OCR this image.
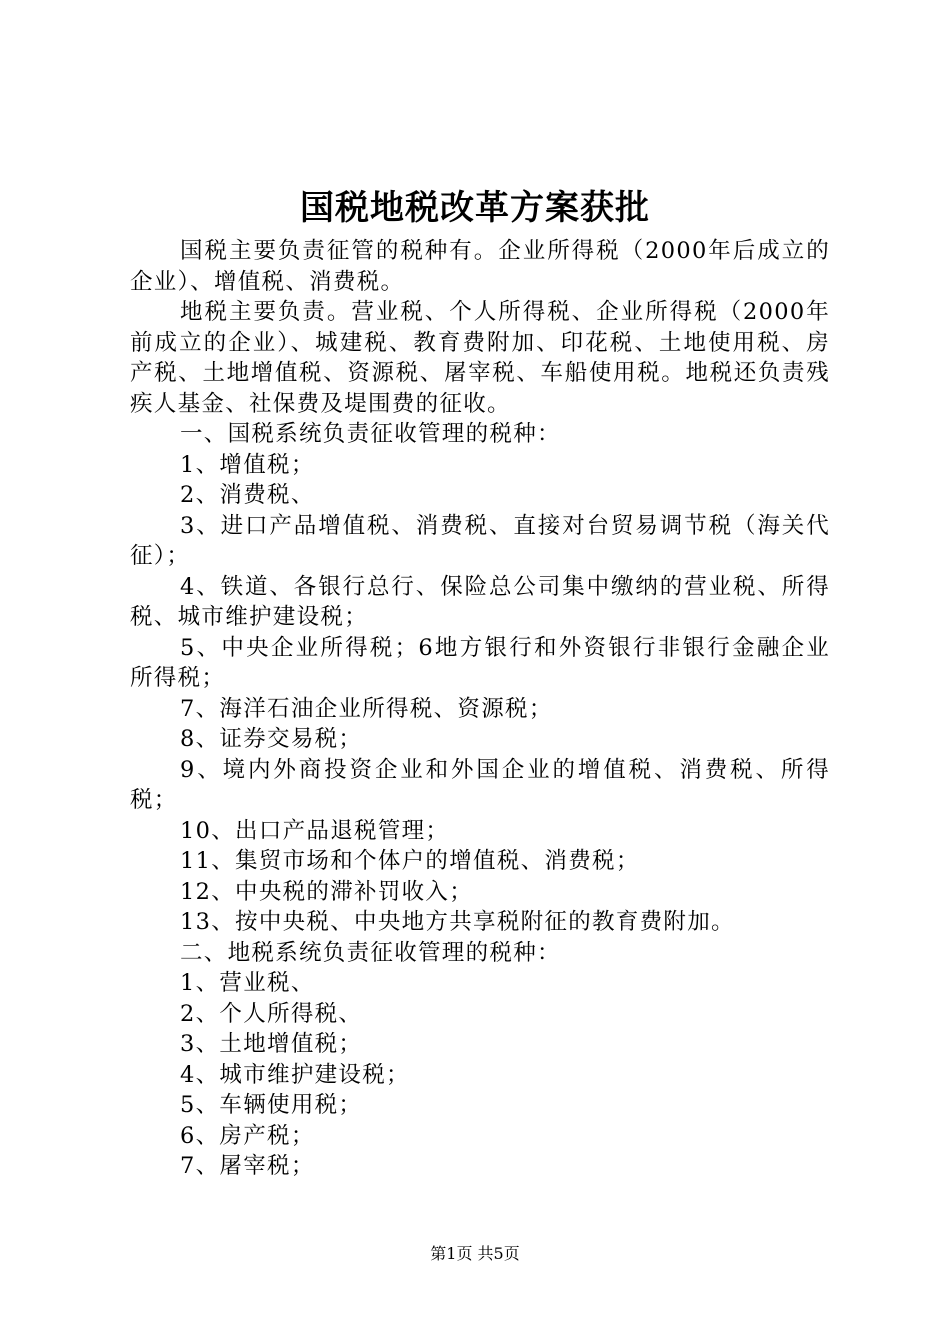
国税地税改革方案获批

国税主要负责征管的税种有。企业所得税（2000年后成立的企业）、增值税、消费税。

地税主要负责。营业税、个人所得税、企业所得税（2000年前成立的企业）、城建税、教育费附加、印花税、土地使用税、房产税、土地增值税、资源税、屠宰税、车船使用税。地税还负责残疾人基金、社保费及堤围费的征收。

一、国税系统负责征收管理的税种：

1、增值税；

2、消费税、

3、进口产品增值税、消费税、直接对台贸易调节税（海关代征）；

4、铁道、各银行总行、保险总公司集中缴纳的营业税、所得税、城市维护建设税；

5、中央企业所得税；6地方银行和外资银行非银行金融企业所得税；

7、海洋石油企业所得税、资源税；

8、证券交易税；

9、境内外商投资企业和外国企业的增值税、消费税、所得税；

10、出口产品退税管理；

11、集贸市场和个体户的增值税、消费税；

12、中央税的滞补罚收入；

13、按中央税、中央地方共享税附征的教育费附加。

二、地税系统负责征收管理的税种：

1、营业税、

2、个人所得税、

3、土地增值税；

4、城市维护建设税；

5、车辆使用税；

6、房产税；

7、屠宰税；

第1页 共5页
